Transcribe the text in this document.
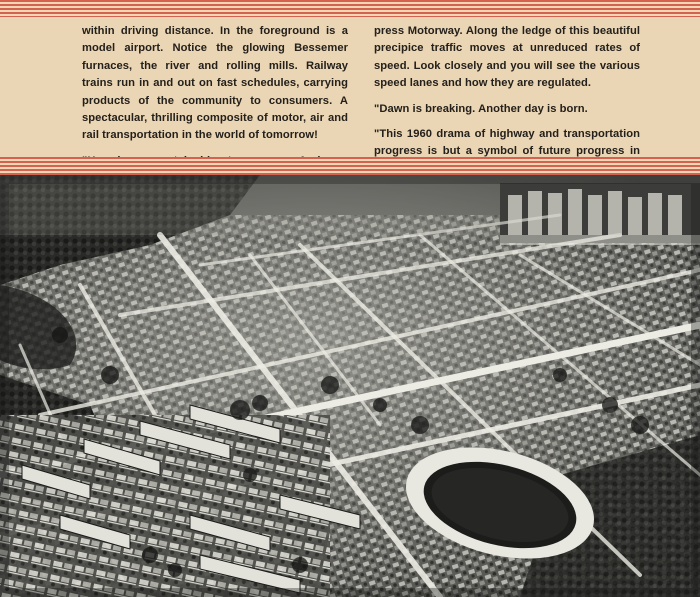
within driving distance. In the foreground is a model airport. Notice the glowing Bessemer furnaces, the river and rolling mills. Railway trains run in and out on fast schedules, carrying products of the community to consumers. A spectacular, thrilling composite of motor, air and rail transportation in the world of tomorrow!

press Motorway. Along the ledge of this beautiful precipice traffic moves at unreduced rates of speed. Look closely and you will see the various speed lanes and how they are regulated.

"Dawn is breaking. Another day is born.

"This 1960 drama of highway and transportation progress is but a symbol of future progress in
